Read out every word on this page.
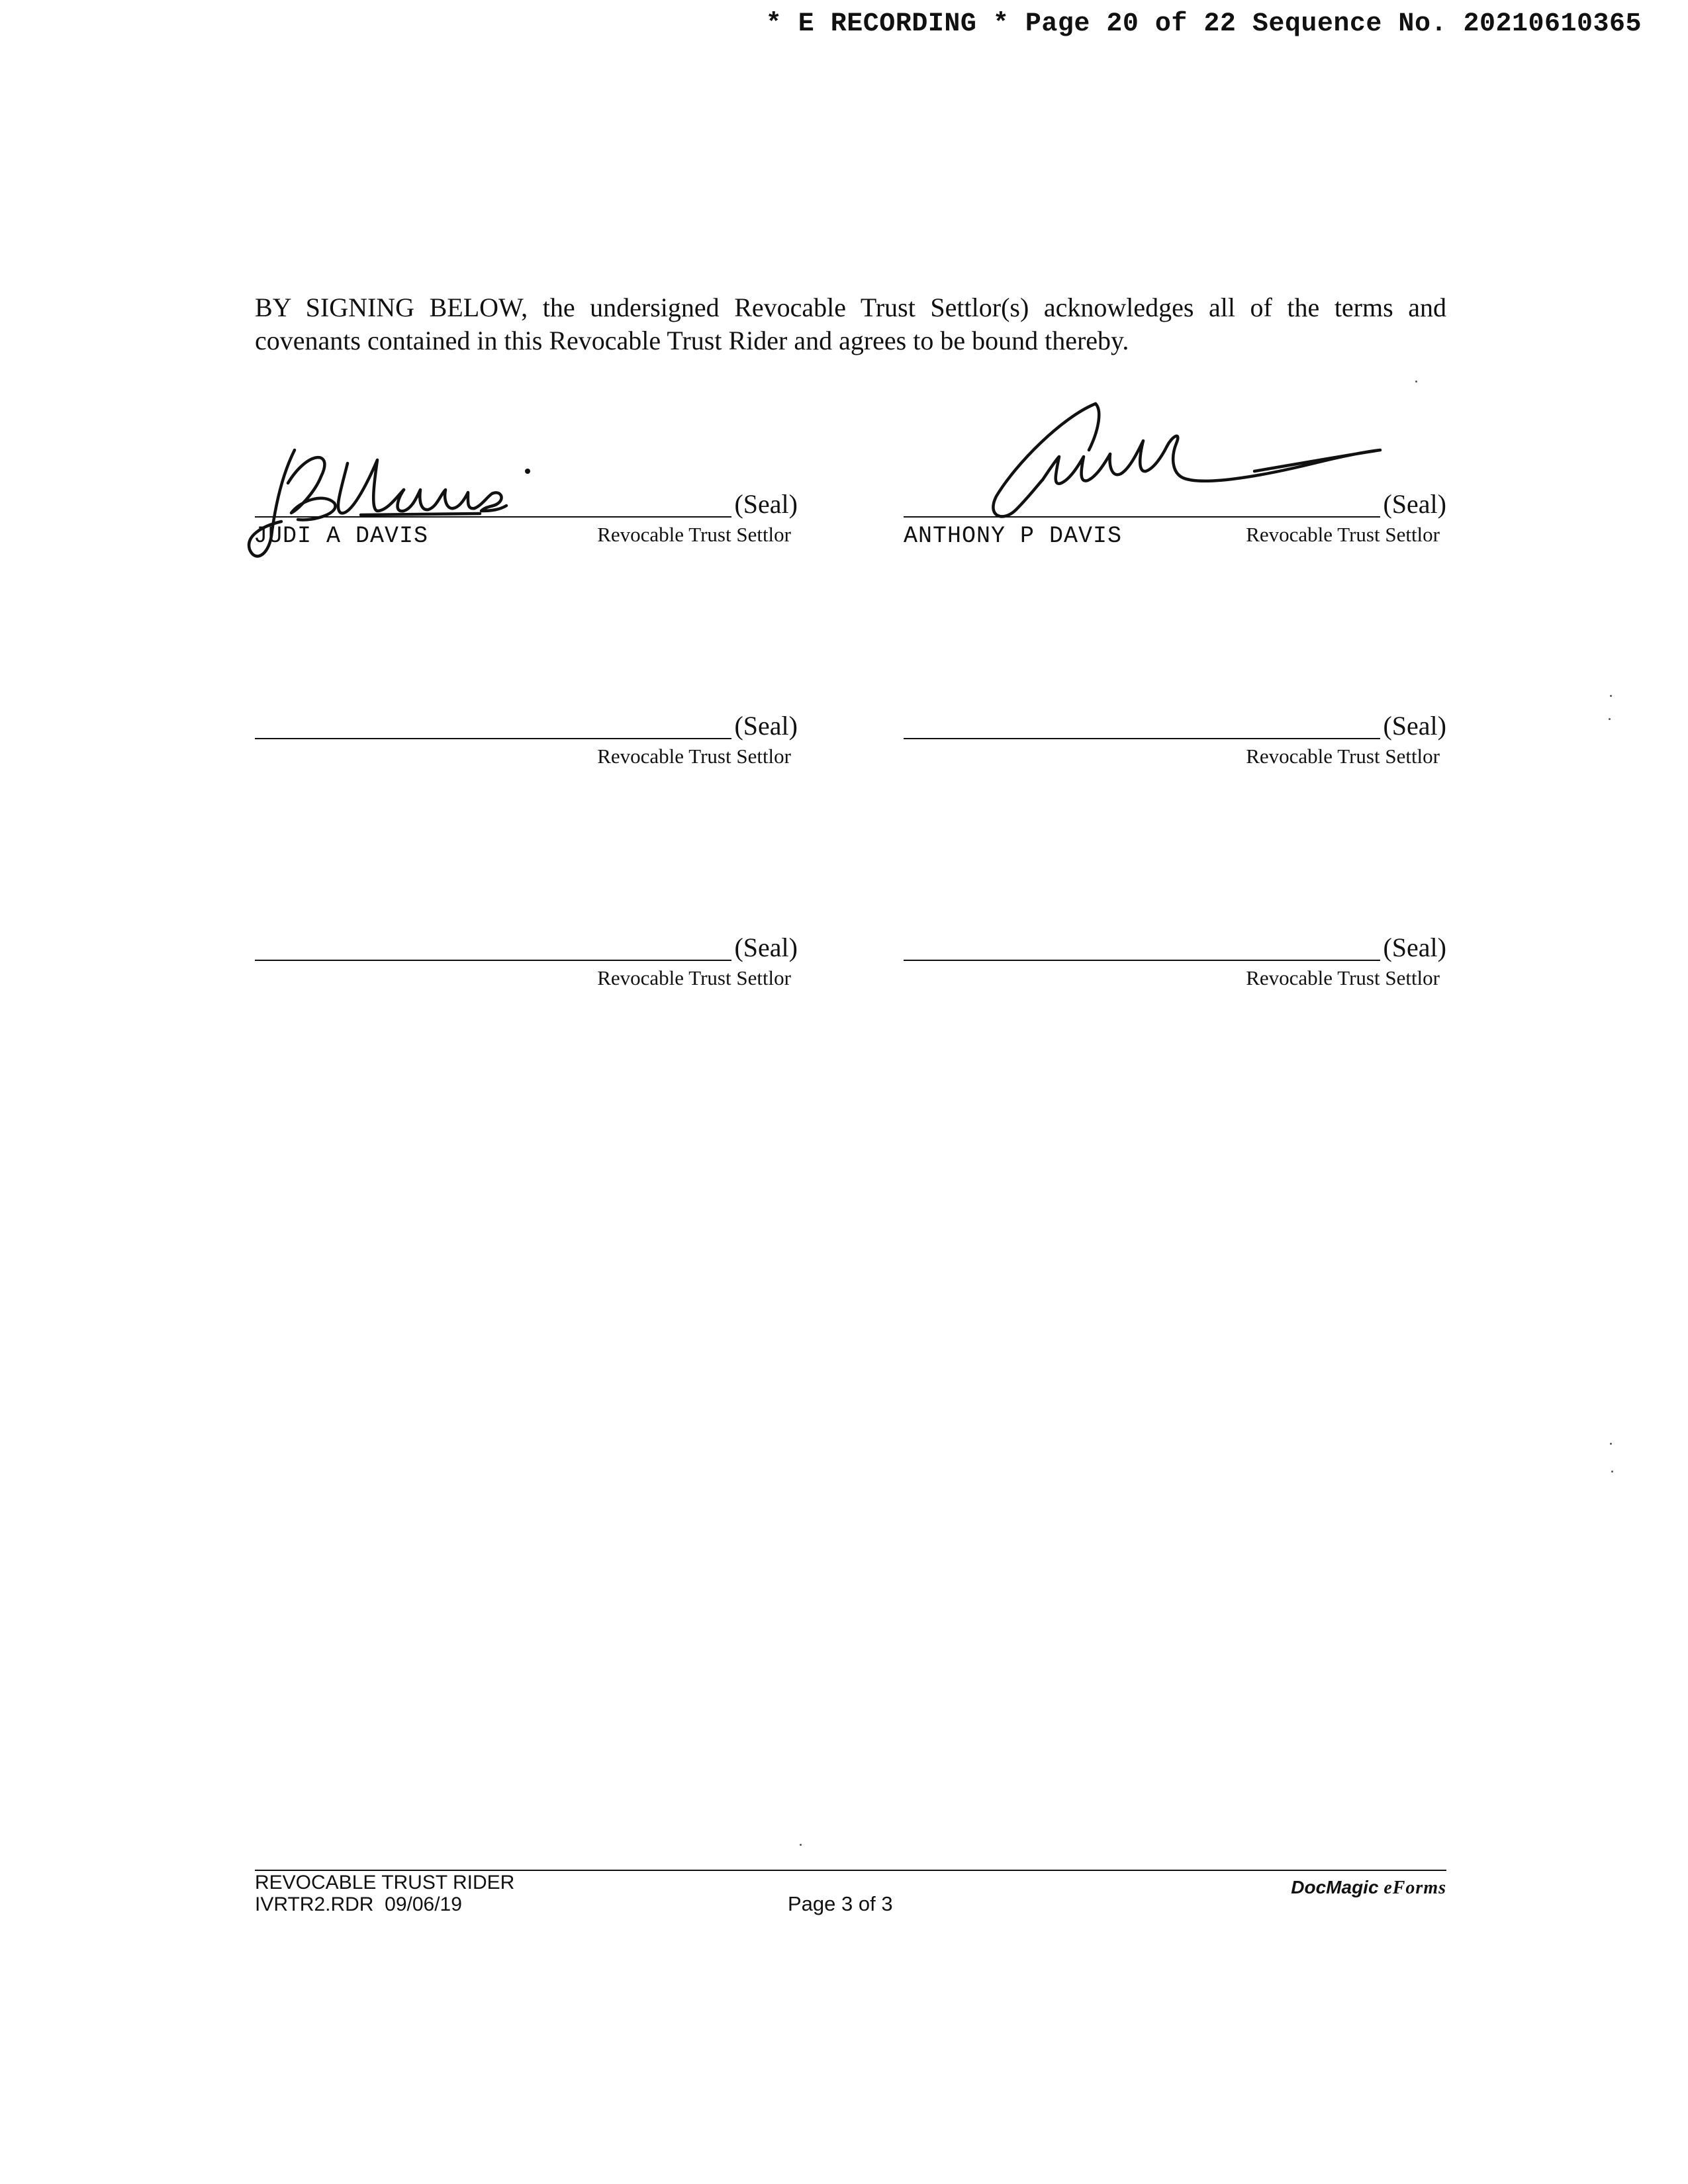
* E RECORDING * Page 20 of 22 Sequence No. 20210610365
BY SIGNING BELOW, the undersigned Revocable Trust Settlor(s) acknowledges all of the terms and covenants contained in this Revocable Trust Rider and agrees to be bound thereby.
(Seal)
JUDI A DAVIS	Revocable Trust Settlor
(Seal)
ANTHONY P DAVIS	Revocable Trust Settlor
(Seal)
Revocable Trust Settlor
(Seal)
Revocable Trust Settlor
(Seal)
Revocable Trust Settlor
(Seal)
Revocable Trust Settlor
REVOCABLE TRUST RIDER
IVRTR2.RDR  09/06/19	Page 3 of 3
DocMagic eForms
